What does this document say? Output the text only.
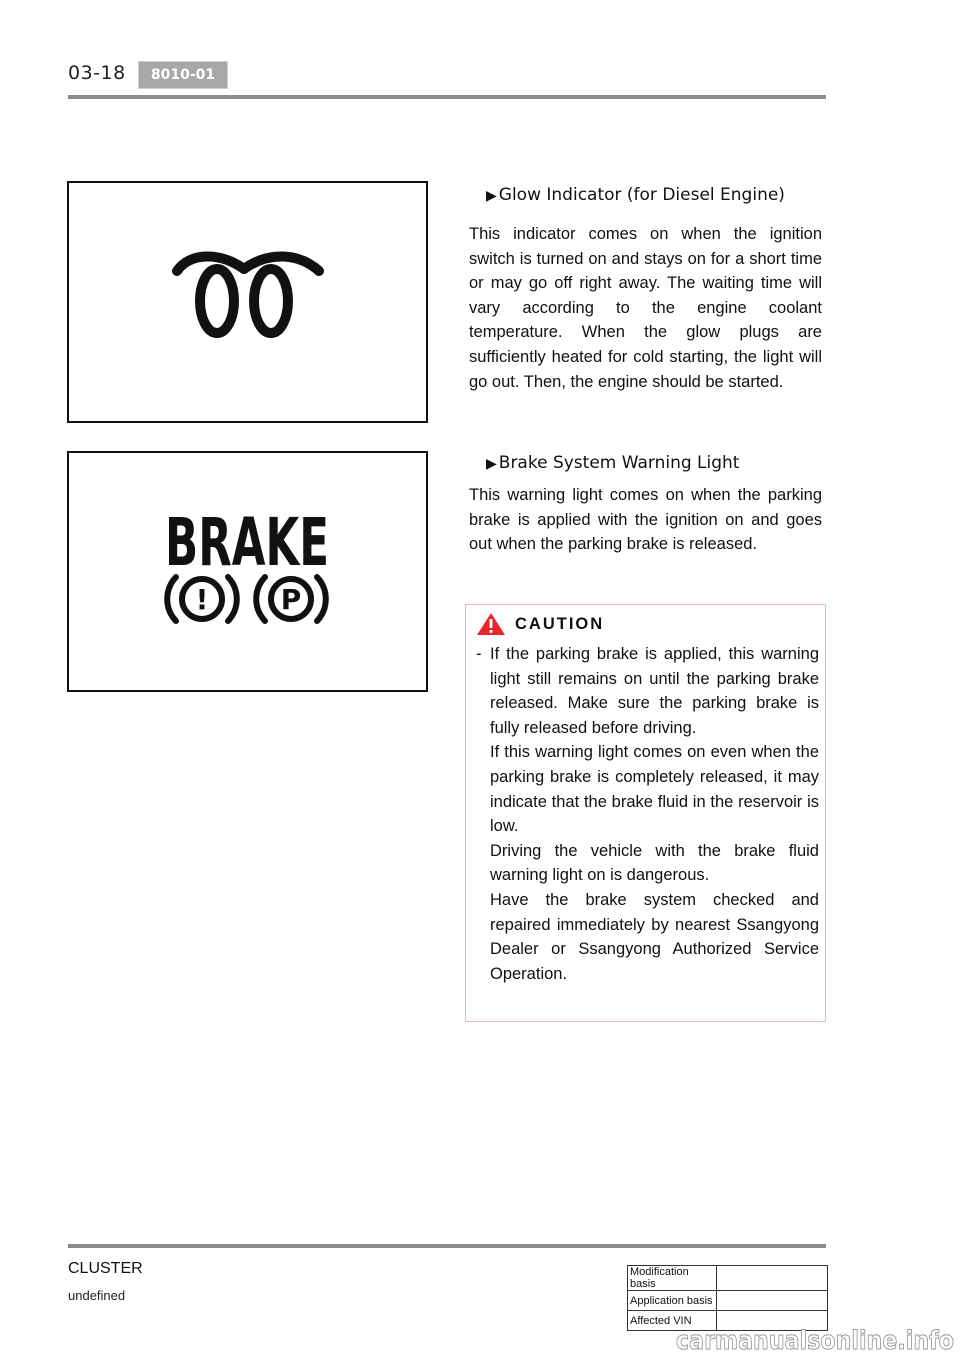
03-18	8010-01
▶ Glow Indicator (for Diesel Engine)
This indicator comes on when the ignition switch is turned on and stays on for a short time or may go off right away. The waiting time will vary according to the engine coolant temperature. When the glow plugs are sufficiently heated for cold starting, the light will go out. Then, the engine should be started.
BRAKE
!	P
▶ Brake System Warning Light
This warning light comes on when the parking brake is applied with the ignition on and goes out when the parking brake is released.
CAUTION
- If the parking brake is applied, this warning light still remains on until the parking brake released. Make sure the parking brake is fully released before driving.

If this warning light comes on even when the parking brake is completely released, it may indicate that the brake fluid in the reservoir is low.

Driving the vehicle with the brake fluid warning light on is dangerous.

Have the brake system checked and repaired immediately by nearest Ssangyong Dealer or Ssangyong Authorized Service Operation.

CLUSTER
undefined
Modification basis	
Application basis	
Affected VIN	
carmanualsonline.info
